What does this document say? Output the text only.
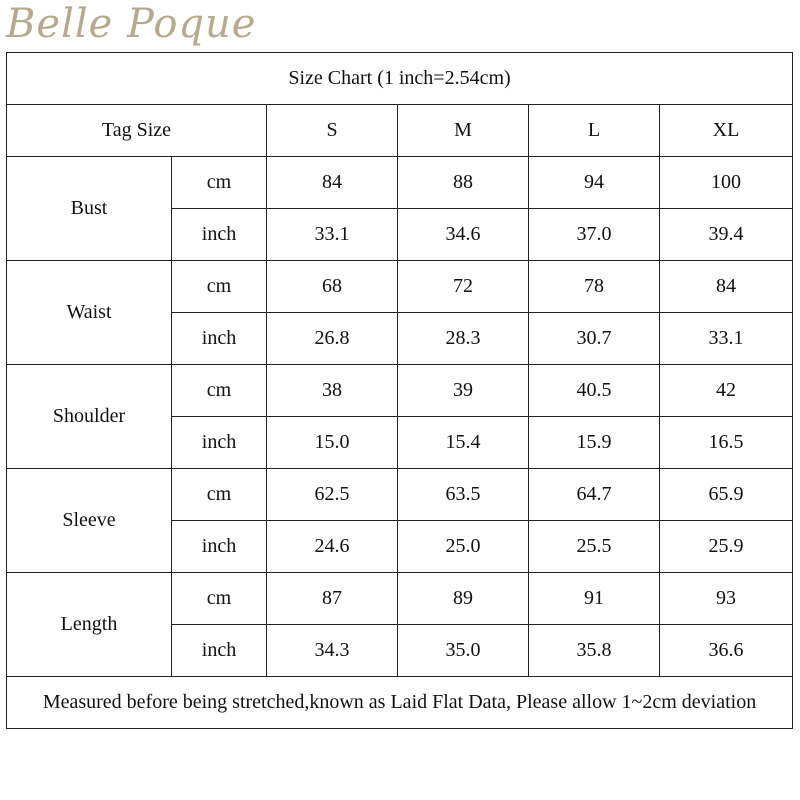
Belle Poque
Size Chart (1 inch=2.54cm)					
Tag Size		S	M	L	XL
Bust	cm	84	88	94	100
	inch	33.1	34.6	37.0	39.4
Waist	cm	68	72	78	84
	inch	26.8	28.3	30.7	33.1
Shoulder	cm	38	39	40.5	42
	inch	15.0	15.4	15.9	16.5
Sleeve	cm	62.5	63.5	64.7	65.9
	inch	24.6	25.0	25.5	25.9
Length	cm	87	89	91	93
	inch	34.3	35.0	35.8	36.6
Measured before being stretched,known as Laid Flat Data, Please allow 1~2cm deviation					
